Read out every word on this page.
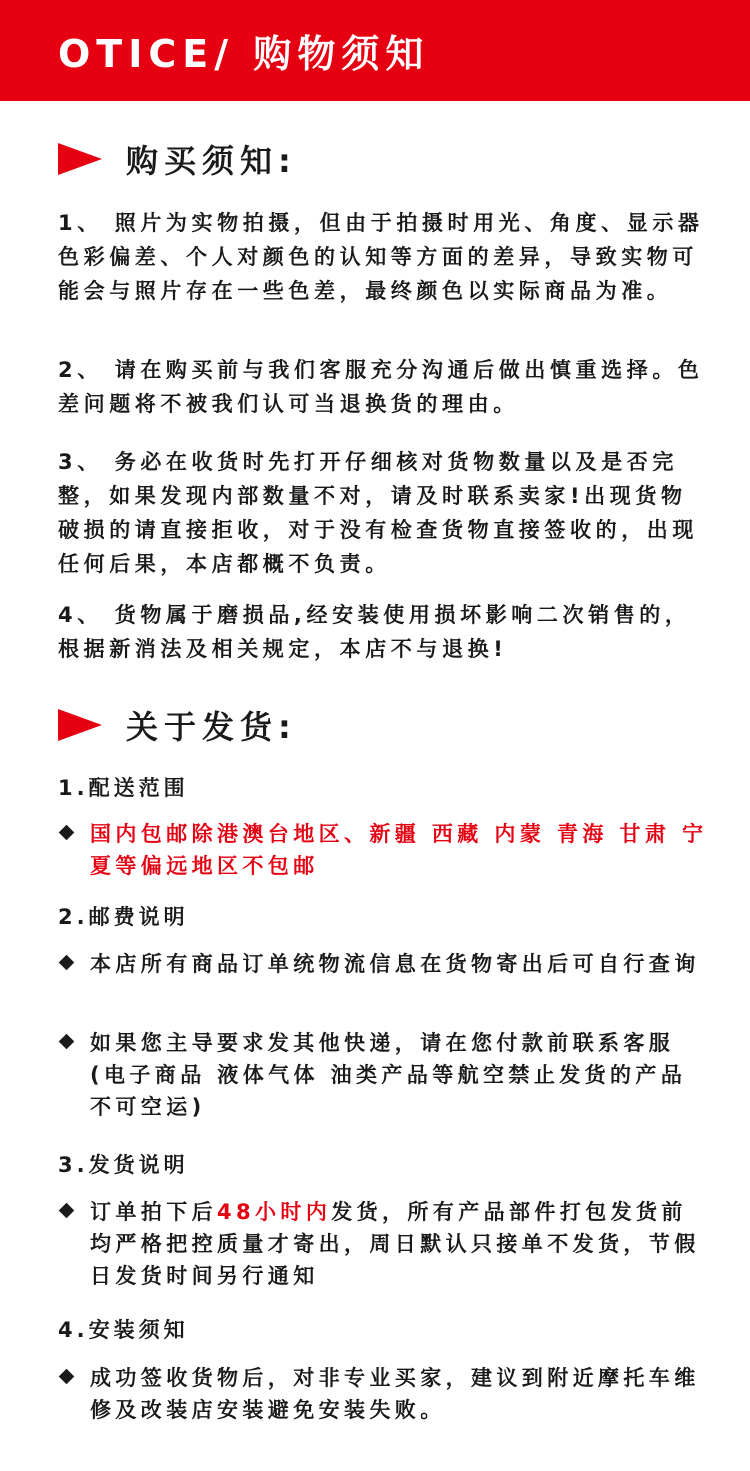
OTICE/ 购物须知
购买须知:

1、 照片为实物拍摄，但由于拍摄时用光、角度、显示器色彩偏差、个人对颜色的认知等方面的差异，导致实物可能会与照片存在一些色差，最终颜色以实际商品为准。

2、 请在购买前与我们客服充分沟通后做出慎重选择。色差问题将不被我们认可当退换货的理由。

3、 务必在收货时先打开仔细核对货物数量以及是否完整，如果发现内部数量不对，请及时联系卖家!出现货物破损的请直接拒收，对于没有检查货物直接签收的，出现任何后果，本店都概不负责。

4、 货物属于磨损品,经安装使用损坏影响二次销售的，根据新消法及相关规定，本店不与退换!

关于发货:
1.配送范围
国内包邮除港澳台地区、新疆 西藏 内蒙 青海 甘肃 宁夏等偏远地区不包邮
2.邮费说明
本店所有商品订单统物流信息在货物寄出后可自行查询
如果您主导要求发其他快递，请在您付款前联系客服(电子商品 液体气体 油类产品等航空禁止发货的产品不可空运)
3.发货说明
订单拍下后48小时内发货，所有产品部件打包发货前均严格把控质量才寄出，周日默认只接单不发货，节假日发货时间另行通知
4.安装须知
成功签收货物后，对非专业买家，建议到附近摩托车维修及改装店安装避免安装失败。
